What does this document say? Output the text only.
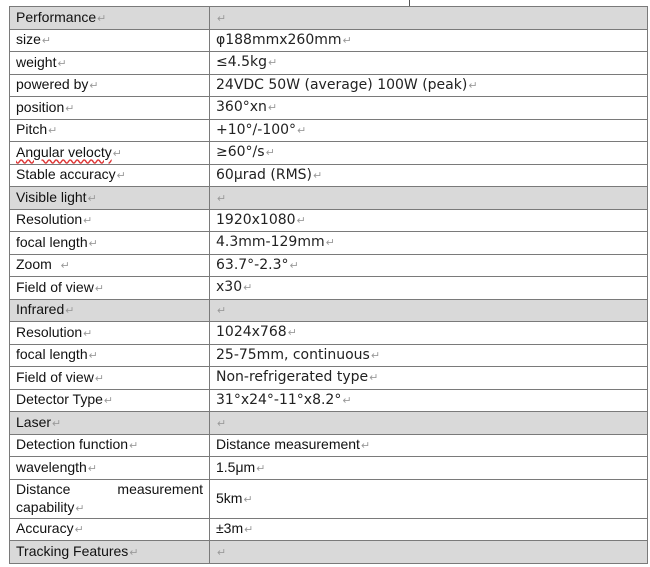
Performance↵	↵
size↵	φ188mmx260mm↵
weight↵	≤4.5kg↵
powered by↵	24VDC 50W (average) 100W (peak)↵
position↵	360°xn↵
Pitch↵	+10°/-100°↵
Angular velocty↵	≥60°/s↵
Stable accuracy↵	60μrad (RMS)↵
Visible light↵	↵
Resolution↵	1920x1080↵
focal length↵	4.3mm-129mm↵
Zoom ↵	63.7°-2.3°↵
Field of view↵	x30↵
Infrared↵	↵
Resolution↵	1024x768↵
focal length↵	25-75mm, continuous↵
Field of view↵	Non-refrigerated type↵
Detector Type↵	31°x24°-11°x8.2°↵
Laser↵	↵
Detection function↵	Distance measurement↵
wavelength↵	1.5μm↵

Distance measurement
capability↵	5km↵
Accuracy↵	±3m↵
Tracking Features↵	↵
